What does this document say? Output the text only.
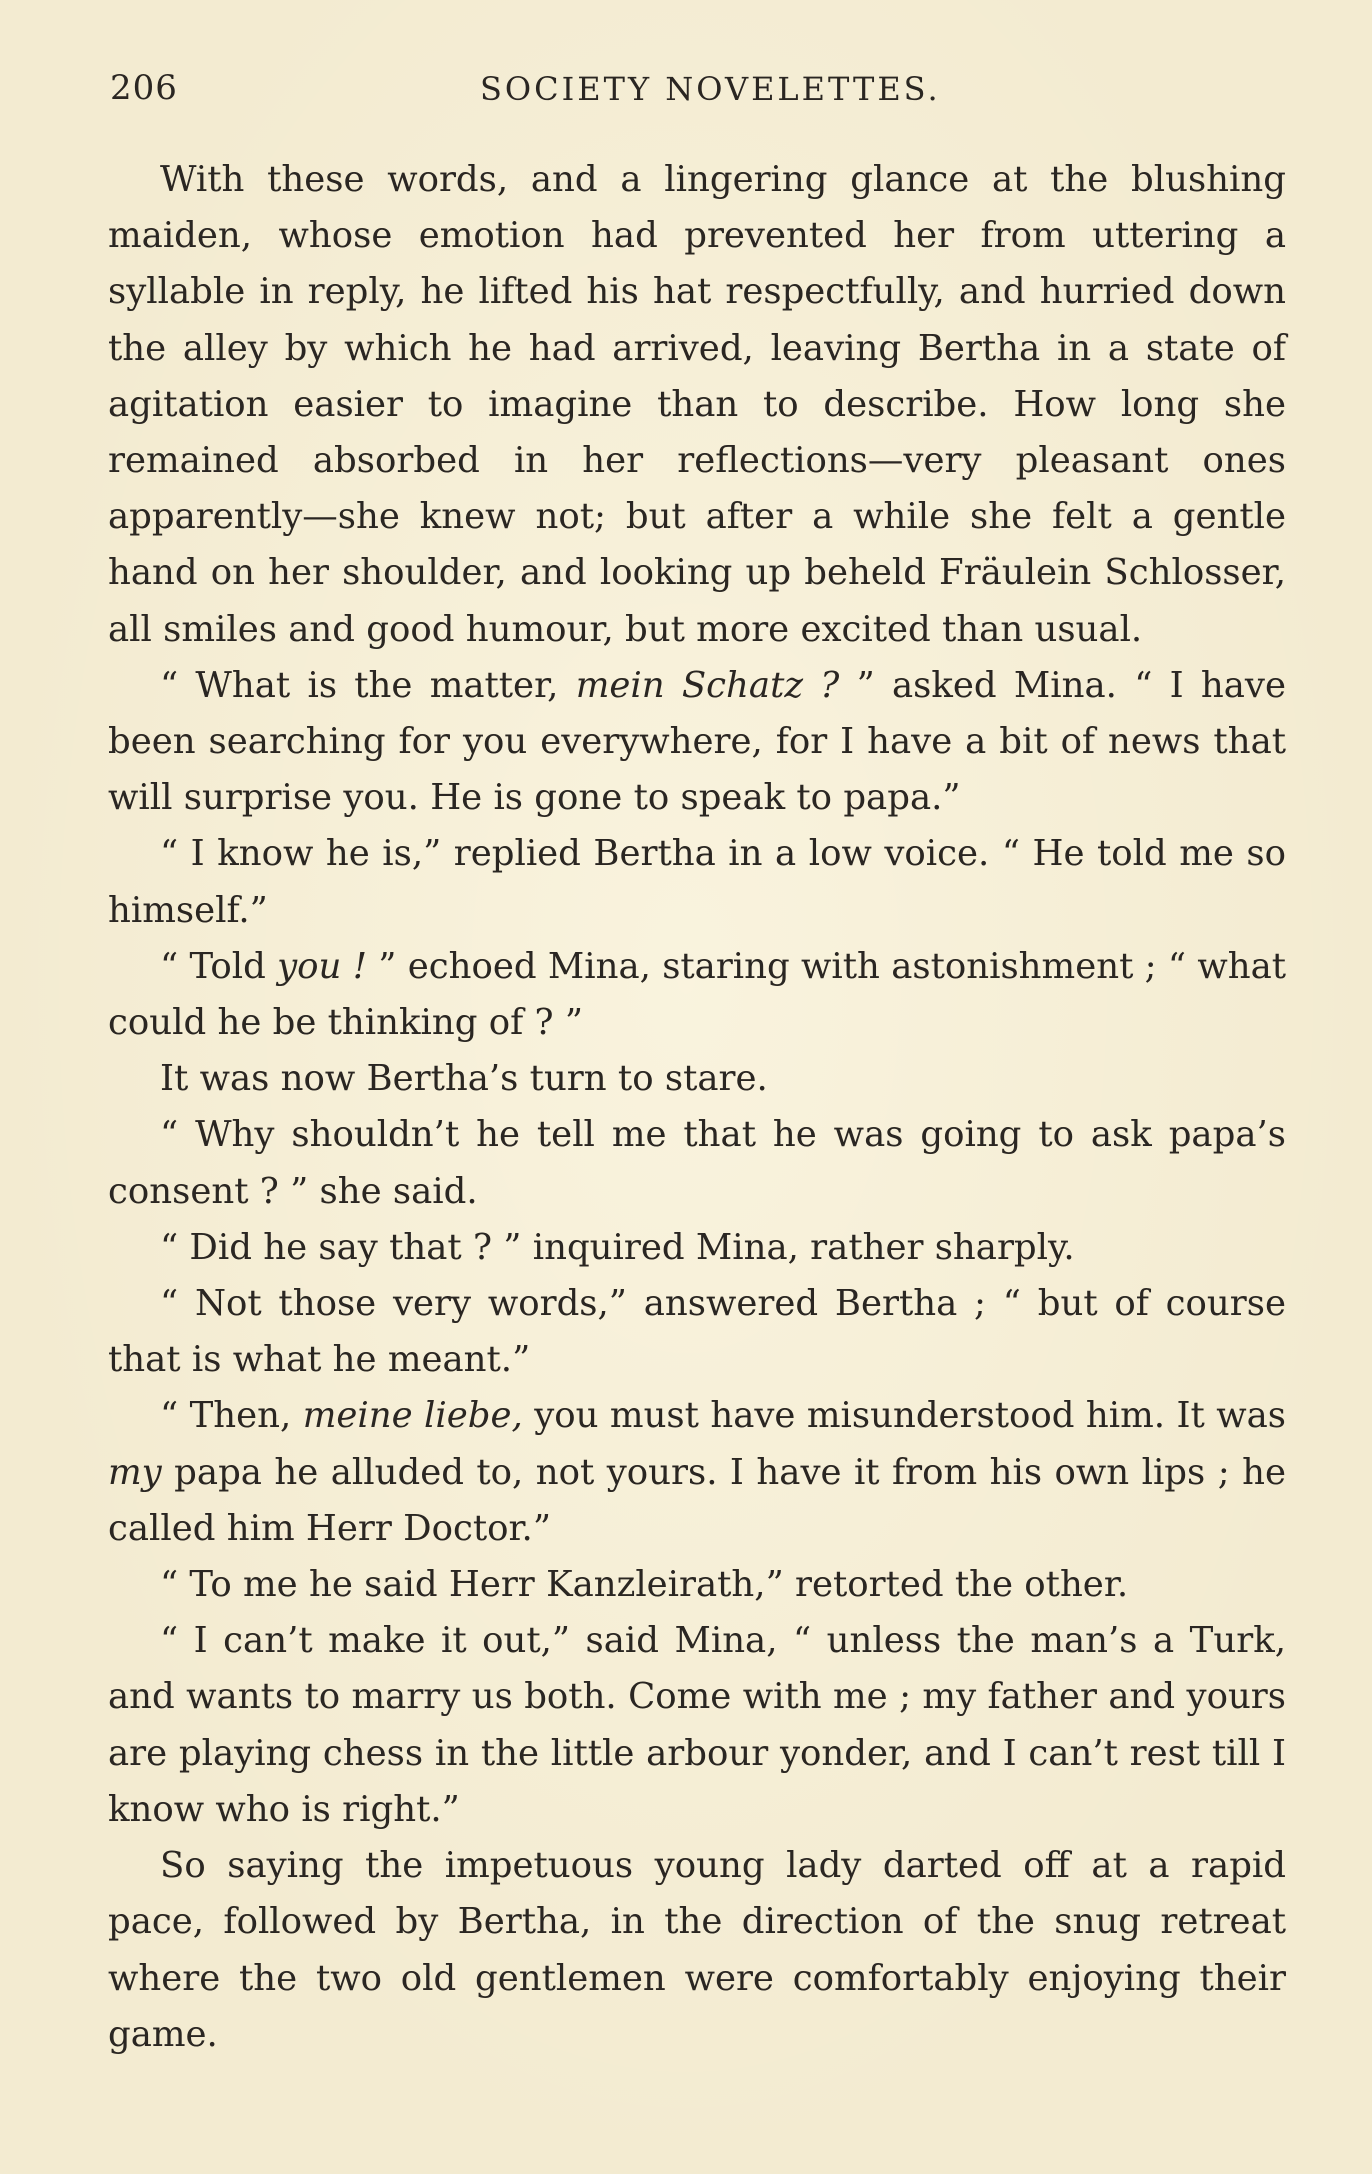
206	SOCIETY NOVELETTES.

With these words, and a lingering glance at the blushing maiden, whose emotion had prevented her from uttering a syllable in reply, he lifted his hat respectfully, and hurried down the alley by which he had arrived, leaving Bertha in a state of agitation easier to imagine than to describe. How long she remained absorbed in her reflections—very pleasant ones apparently—she knew not; but after a while she felt a gentle hand on her shoulder, and looking up beheld Fräulein Schlosser, all smiles and good humour, but more excited than usual.

“ What is the matter, mein Schatz ? ” asked Mina. “ I have been searching for you everywhere, for I have a bit of news that will surprise you. He is gone to speak to papa.”

“ I know he is,” replied Bertha in a low voice. “ He told me so himself.”

“ Told you ! ” echoed Mina, staring with astonishment ; “ what could he be thinking of ? ”

It was now Bertha’s turn to stare.

“ Why shouldn’t he tell me that he was going to ask papa’s consent ? ” she said.

“ Did he say that ? ” inquired Mina, rather sharply.

“ Not those very words,” answered Bertha ; “ but of course that is what he meant.”

“ Then, meine liebe, you must have misunderstood him. It was my papa he alluded to, not yours. I have it from his own lips ; he called him Herr Doctor.”

“ To me he said Herr Kanzleirath,” retorted the other.

“ I can’t make it out,” said Mina, “ unless the man’s a Turk, and wants to marry us both. Come with me ; my father and yours are playing chess in the little arbour yonder, and I can’t rest till I know who is right.”

So saying the impetuous young lady darted off at a rapid pace, followed by Bertha, in the direction of the snug retreat where the two old gentlemen were comfortably enjoying their game.
